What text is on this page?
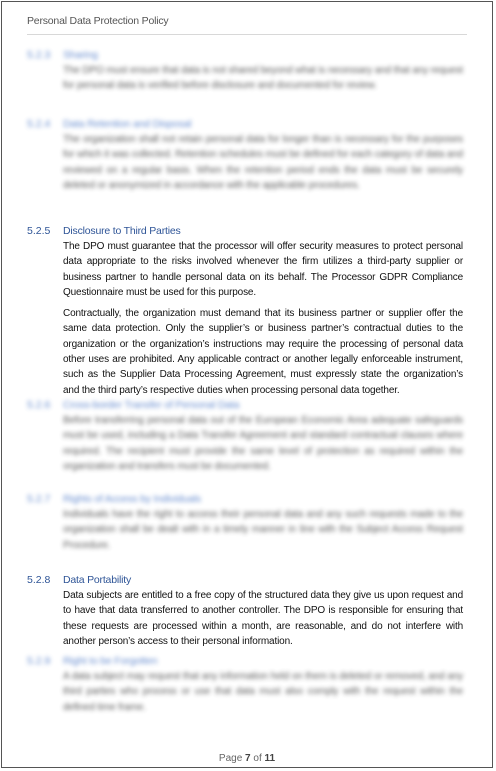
Personal Data Protection Policy
5.2.3 Sharing

The DPO must ensure that data is not shared beyond what is necessary and that any request for personal data is verified before disclosure and documented for review.

5.2.4 Data Retention and Disposal

The organization shall not retain personal data for longer than is necessary for the purposes for which it was collected. Retention schedules must be defined for each category of data and reviewed on a regular basis. When the retention period ends the data must be securely deleted or anonymized in accordance with the applicable procedures.

5.2.5 Disclosure to Third Parties

The DPO must guarantee that the processor will offer security measures to protect personal data appropriate to the risks involved whenever the firm utilizes a third-party supplier or business partner to handle personal data on its behalf. The Processor GDPR Compliance Questionnaire must be used for this purpose.

Contractually, the organization must demand that its business partner or supplier offer the same data protection. Only the supplier’s or business partner’s contractual duties to the organization or the organization’s instructions may require the processing of personal data other uses are prohibited. Any applicable contract or another legally enforceable instrument, such as the Supplier Data Processing Agreement, must expressly state the organization’s and the third party’s respective duties when processing personal data together.

5.2.6 Cross-border Transfer of Personal Data

Before transferring personal data out of the European Economic Area adequate safeguards must be used, including a Data Transfer Agreement and standard contractual clauses where required. The recipient must provide the same level of protection as required within the organization and transfers must be documented.

5.2.7 Rights of Access by Individuals

Individuals have the right to access their personal data and any such requests made to the organization shall be dealt with in a timely manner in line with the Subject Access Request Procedure.

5.2.8 Data Portability

Data subjects are entitled to a free copy of the structured data they give us upon request and to have that data transferred to another controller. The DPO is responsible for ensuring that these requests are processed within a month, are reasonable, and do not interfere with another person’s access to their personal information.

5.2.9 Right to be Forgotten

A data subject may request that any information held on them is deleted or removed, and any third parties who process or use that data must also comply with the request within the defined time frame.

Page 7 of 11
